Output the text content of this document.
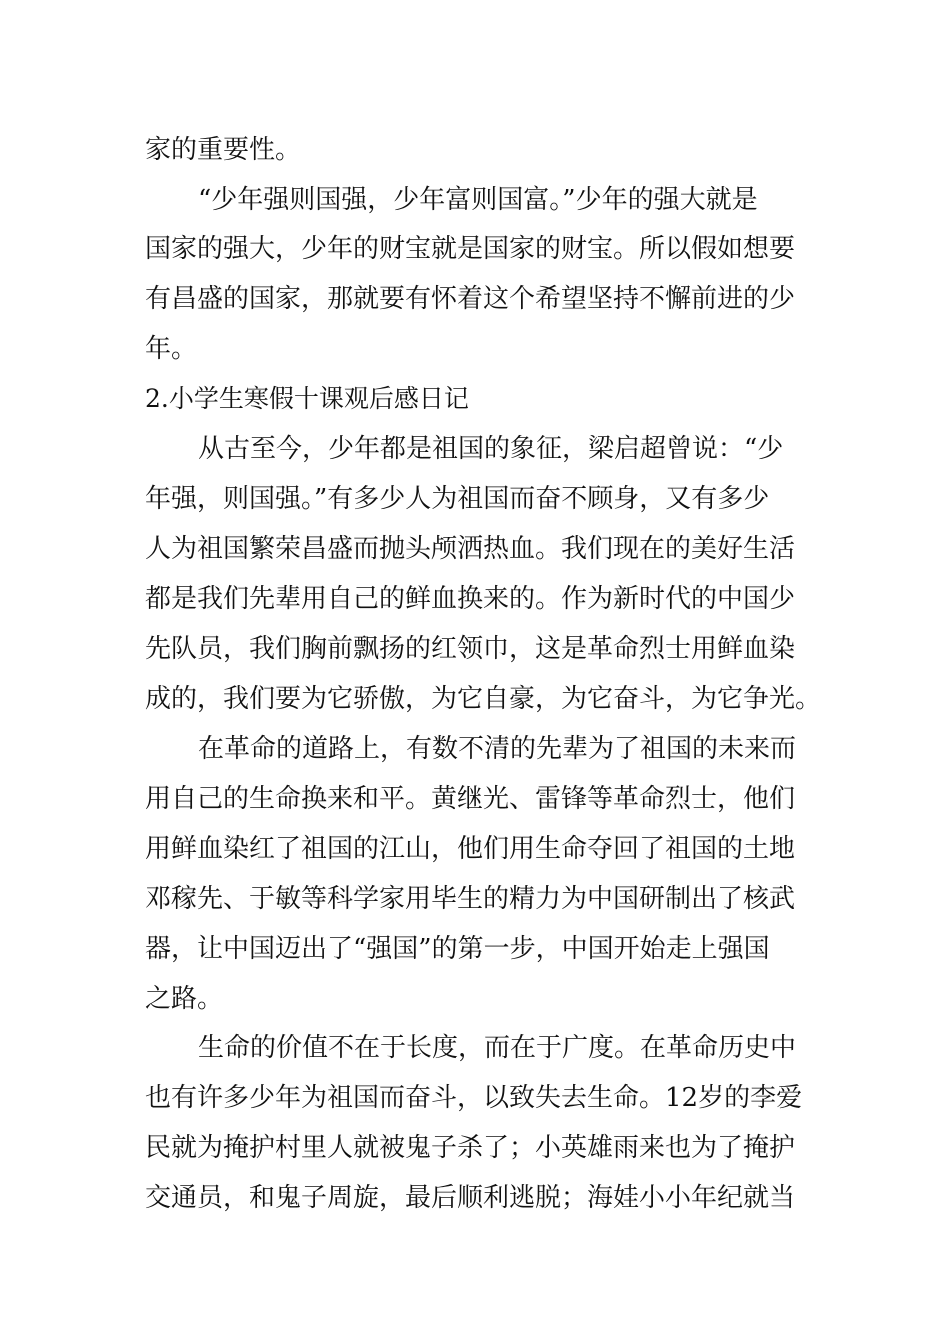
家的重要性。
“少年强则国强，少年富则国富。”少年的强大就是
国家的强大，少年的财宝就是国家的财宝。所以假如想要
有昌盛的国家，那就要有怀着这个希望坚持不懈前进的少
年。
2.小学生寒假十课观后感日记
从古至今，少年都是祖国的象征，梁启超曾说：“少
年强，则国强。”有多少人为祖国而奋不顾身，又有多少
人为祖国繁荣昌盛而抛头颅洒热血。我们现在的美好生活
都是我们先辈用自己的鲜血换来的。作为新时代的中国少
先队员，我们胸前飘扬的红领巾，这是革命烈士用鲜血染
成的，我们要为它骄傲，为它自豪，为它奋斗，为它争光。
在革命的道路上，有数不清的先辈为了祖国的未来而
用自己的生命换来和平。黄继光、雷锋等革命烈士，他们
用鲜血染红了祖国的江山，他们用生命夺回了祖国的土地
邓稼先、于敏等科学家用毕生的精力为中国研制出了核武
器，让中国迈出了“强国”的第一步，中国开始走上强国
之路。
生命的价值不在于长度，而在于广度。在革命历史中
也有许多少年为祖国而奋斗，以致失去生命。12岁的李爱
民就为掩护村里人就被鬼子杀了；小英雄雨来也为了掩护
交通员，和鬼子周旋，最后顺利逃脱；海娃小小年纪就当
